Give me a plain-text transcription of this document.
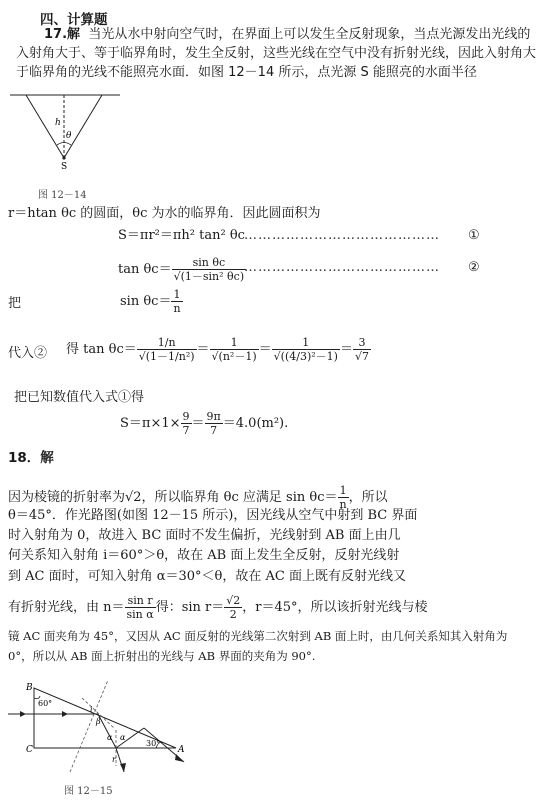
四、计算题
17.解 当光从水中射向空气时，在界面上可以发生全反射现象，当点光源发出光线的
入射角大于、等于临界角时，发生全反射，这些光线在空气中没有折射光线，因此入射角大
于临界角的光线不能照亮水面．如图 12－14 所示，点光源 S 能照亮的水面半径
h
θ
S
图 12－14
r＝htan θc 的圆面，θc 为水的临界角．因此圆面积为
S＝πr²＝πh² tan² θc …………………………………… ①
$\tan \theta c= \frac{\text{sin θc}}{\text{√(1－sin² θc)}}$
…………………………………… ②
把	$\sin \theta c= \frac{1}{n}$
代入② 得 $\tan \theta c= \frac{1/n}{\text{√(1－1/n²)}} = \frac{1}{\text{√(n²－1)}} = \frac{1}{\text{√((4/3)²－1)}} = \frac{3}{√7}$
把已知数值代入式①得
$S=\pi\times 1\times \frac{9}{7} = \frac{9\pi}{7} =4.0(m^2)$.
18．解
因为棱镜的折射率为√2，所以临界角 θc 应满足 $\sin \theta c= \frac{1}{n}$ ，所以
θ＝45°．作光路图(如图 12－15 所示)，因光线从空气中射到 BC 界面
时入射角为 0，故进入 BC 面时不发生偏折，光线射到 AB 面上由几
何关系知入射角 i＝60°＞θ，故在 AB 面上发生全反射，反射光线射
到 AC 面时，可知入射角 α＝30°＜θ，故在 AC 面上既有反射光线又
有折射光线，由 $n= \frac{\text{sin r}}{\text{sin α}}$ 得：$\sin r= \frac{√2}{2}$ ，r＝45°，所以该折射光线与棱
镜 AC 面夹角为 45°，又因从 AC 面反射的光线第二次射到 AB 面上时，由几何关系知其入射角为
0°，所以从 AB 面上折射出的光线与 AB 界面的夹角为 90°.
B
C	A
60°
30°
i
β
α α
r
图 12－15
